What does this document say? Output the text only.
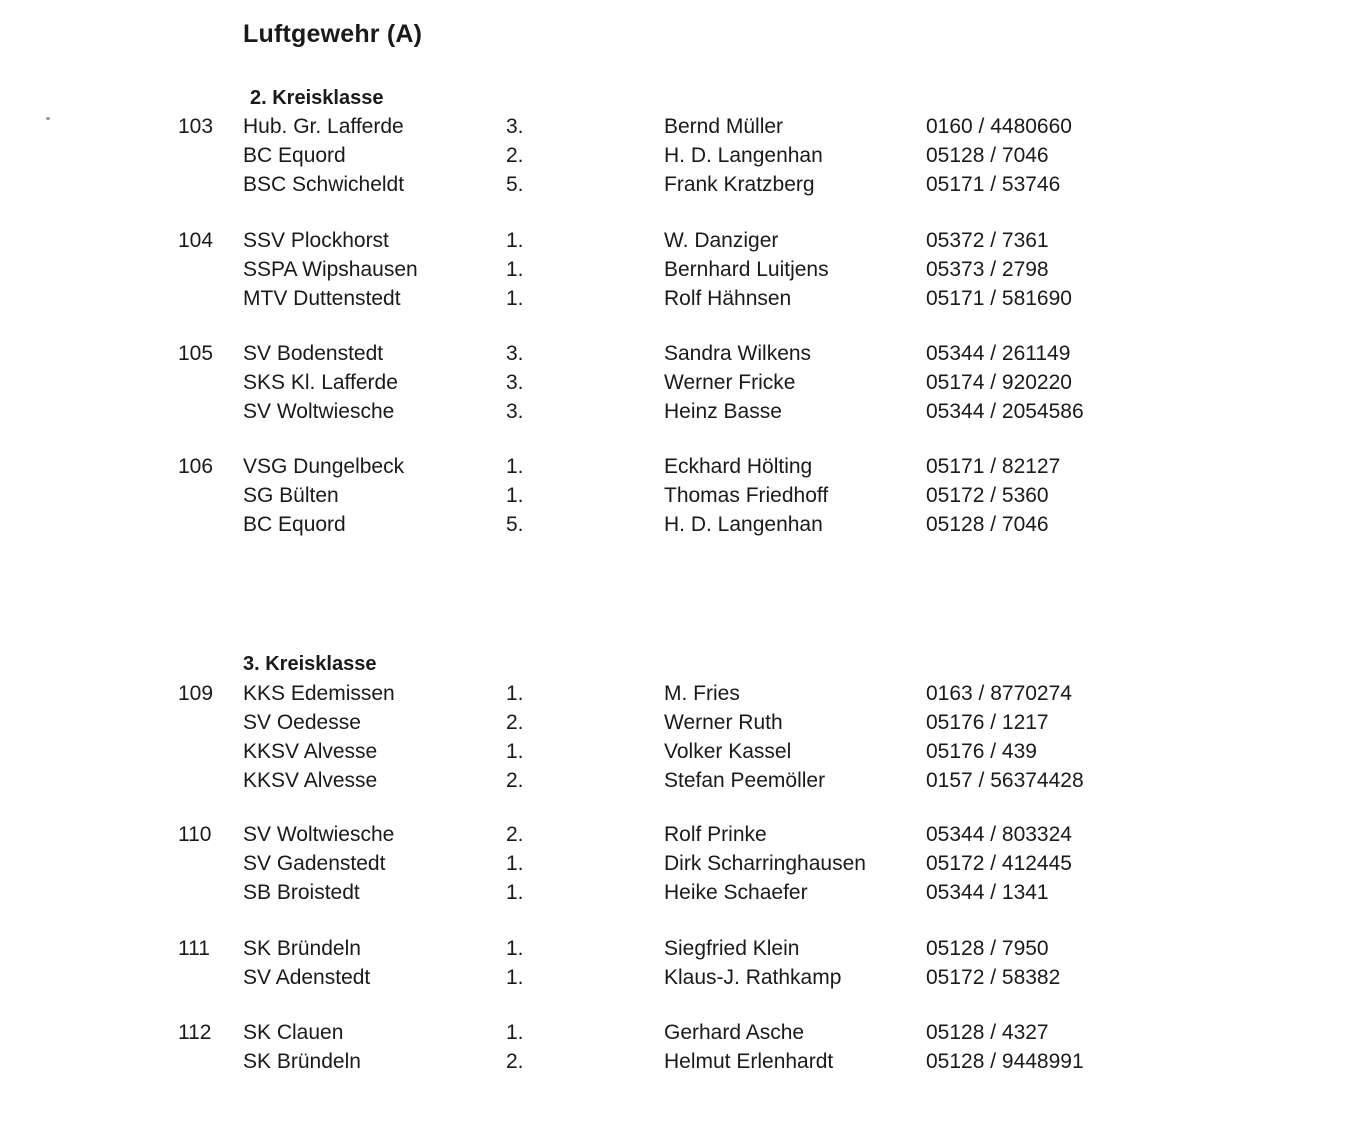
Luftgewehr (A)
2. Kreisklasse
103 Hub. Gr. Lafferde	3.	Bernd Müller	0160 / 4480660
BC Equord	2.	H. D. Langenhan	05128 / 7046
BSC Schwicheldt	5.	Frank Kratzberg	05171 / 53746
104 SSV Plockhorst	1.	W. Danziger	05372 / 7361
SSPA Wipshausen	1.	Bernhard Luitjens	05373 / 2798
MTV Duttenstedt	1.	Rolf Hähnsen	05171 / 581690
105 SV Bodenstedt	3.	Sandra Wilkens	05344 / 261149
SKS Kl. Lafferde	3.	Werner Fricke	05174 / 920220
SV Woltwiesche	3.	Heinz Basse	05344 / 2054586
106 VSG Dungelbeck	1.	Eckhard Hölting	05171 / 82127
SG Bülten	1.	Thomas Friedhoff	05172 / 5360
BC Equord	5.	H. D. Langenhan	05128 / 7046
3. Kreisklasse
109 KKS Edemissen	1.	M. Fries	0163 / 8770274
SV Oedesse	2.	Werner Ruth	05176 / 1217
KKSV Alvesse	1.	Volker Kassel	05176 / 439
KKSV Alvesse	2.	Stefan Peemöller	0157 / 56374428
110 SV Woltwiesche	2.	Rolf Prinke	05344 / 803324
SV Gadenstedt	1.	Dirk Scharringhausen	05172 / 412445
SB Broistedt	1.	Heike Schaefer	05344 / 1341
111 SK Bründeln	1.	Siegfried Klein	05128 / 7950
SV Adenstedt	1.	Klaus-J. Rathkamp	05172 / 58382
112 SK Clauen	1.	Gerhard Asche	05128 / 4327
SK Bründeln	2.	Helmut Erlenhardt	05128 / 9448991
